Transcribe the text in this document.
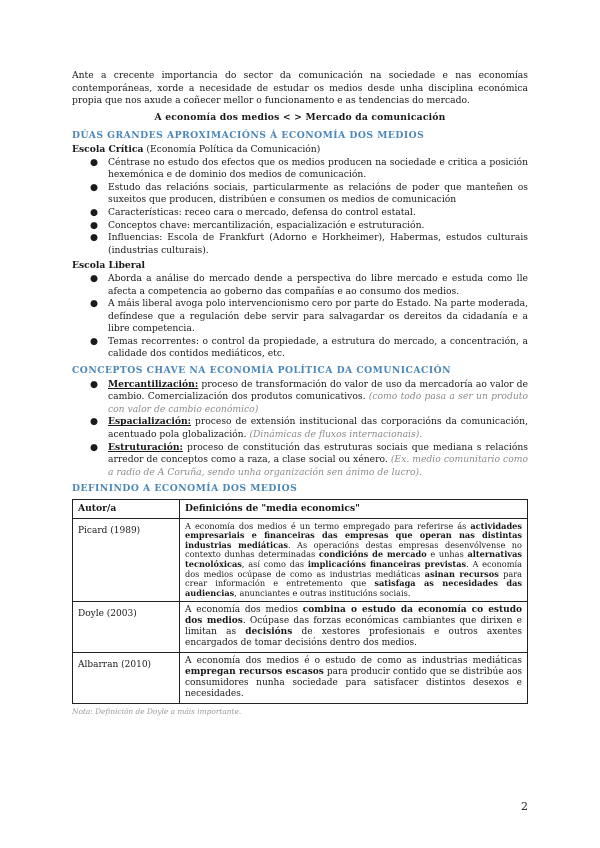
Ante a crecente importancia do sector da comunicación na sociedade e nas economías contemporáneas, xorde a necesidade de estudar os medios desde unha disciplina económica propia que nos axude a coñecer mellor o funcionamento e as tendencias do mercado.

A economía dos medios < > Mercado da comunicación
DÚAS GRANDES APROXIMACIÓNS Á ECONOMÍA DOS MEDIOS
Escola Crítica (Economía Política da Comunicación)
● Céntrase no estudo dos efectos que os medios producen na sociedade e critica a posición hexemónica e de dominio dos medios de comunicación.
● Estudo das relacións sociais, particularmente as relacións de poder que manteñen os suxeitos que producen, distribúen e consumen os medios de comunicación
● Características: receo cara o mercado, defensa do control estatal.
● Conceptos chave: mercantilización, espacialización e estruturación.
● Influencias: Escola de Frankfurt (Adorno e Horkheimer), Habermas, estudos culturais (industrias culturais).
Escola Liberal
● Aborda a análise do mercado dende a perspectiva do libre mercado e estuda como lle afecta a competencia ao goberno das compañías e ao consumo dos medios.
● A máis liberal avoga polo intervencionismo cero por parte do Estado. Na parte moderada, defíndese que a regulación debe servir para salvagardar os dereitos da cidadanía e a libre competencia.
● Temas recorrentes: o control da propiedade, a estrutura do mercado, a concentración, a calidade dos contidos mediáticos, etc.
CONCEPTOS CHAVE NA ECONOMÍA POLÍTICA DA COMUNICACIÓN
● Mercantilización: proceso de transformación do valor de uso da mercadoría ao valor de cambio. Comercialización dos produtos comunicativos. (como todo pasa a ser un produto con valor de cambio económico)
● Espacialización: proceso de extensión institucional das corporacións da comunicación, acentuado pola globalización. (Dinámicas de fluxos internacionais).
● Estruturación: proceso de constitución das estruturas sociais que mediana s relacións arredor de conceptos como a raza, a clase social ou xénero. (Ex. medio comunitario como a radio de A Coruña, sendo unha organización sen ánimo de lucro).
DEFININDO A ECONOMÍA DOS MEDIOS
Autor/a	Definicións de "media economics"
Picard (1989)	A economía dos medios é un termo empregado para referirse ás actividades empresariais e financeiras das empresas que operan nas distintas industrias mediáticas. As operacións destas empresas desenvólvense no contexto dunhas determinadas condicións de mercado e unhas alternativas tecnolóxicas, así como das implicacións financeiras previstas. A economía dos medios ocúpase de como as industrias mediáticas asinan recursos para crear información e entretemento que satisfaga as necesidades das audiencias, anunciantes e outras institucións sociais.
Doyle (2003)	A economía dos medios combina o estudo da economía co estudo dos medios. Ocúpase das forzas económicas cambiantes que dirixen e limitan as decisións de xestores profesionais e outros axentes encargados de tomar decisións dentro dos medios.
Albarran (2010)	A economía dos medios é o estudo de como as industrias mediáticas empregan recursos escasos para producir contido que se distribúe aos consumidores nunha sociedade para satisfacer distintos desexos e necesidades.
Nota: Definición de Doyle a máis importante.
2
